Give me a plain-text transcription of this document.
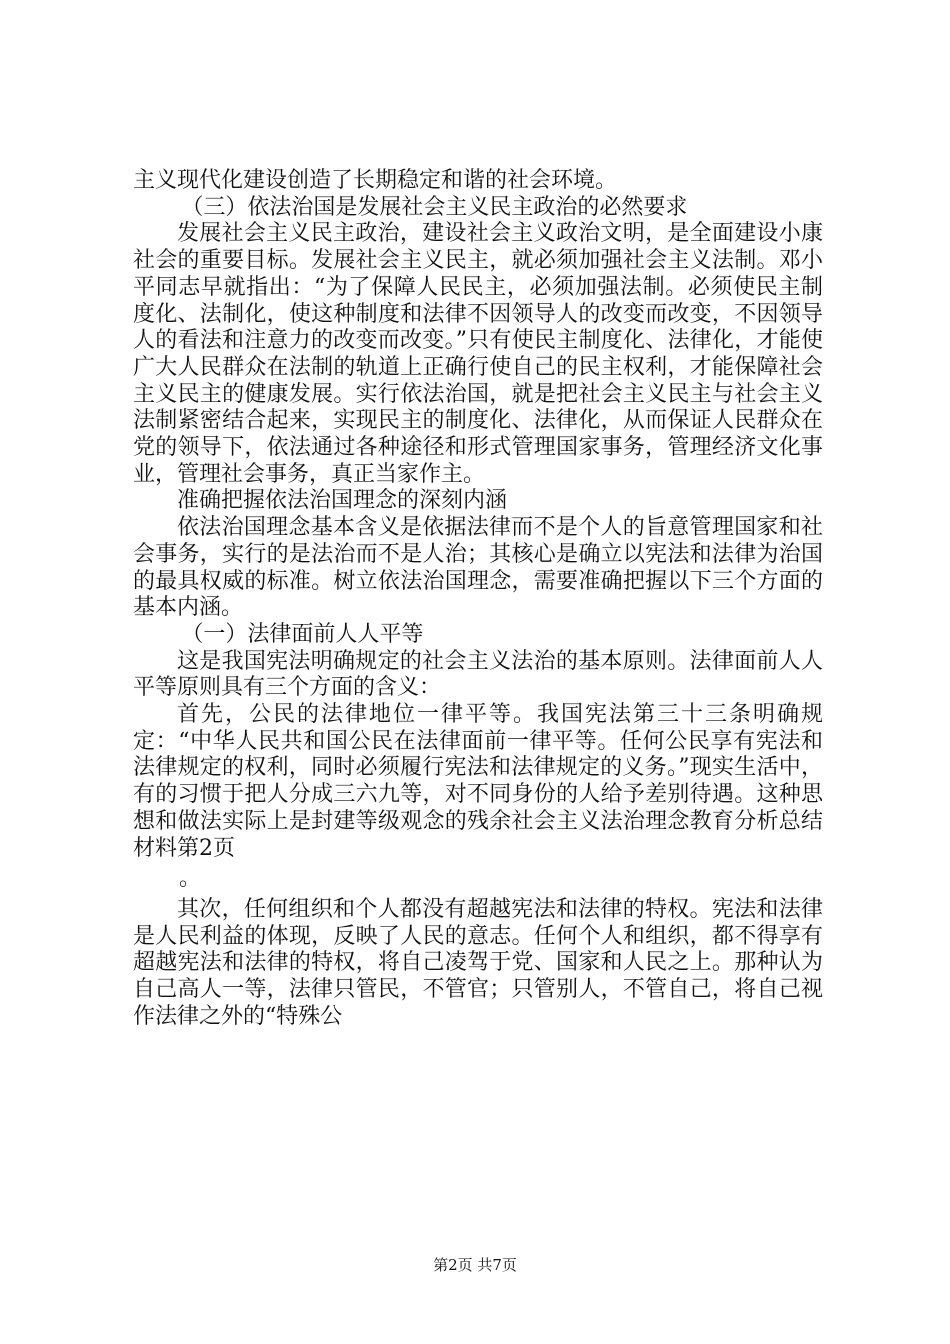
主义现代化建设创造了长期稳定和谐的社会环境。

（三）依法治国是发展社会主义民主政治的必然要求

发展社会主义民主政治，建设社会主义政治文明，是全面建设小康社会的重要目标。发展社会主义民主，就必须加强社会主义法制。邓小平同志早就指出：“为了保障人民民主，必须加强法制。必须使民主制度化、法制化，使这种制度和法律不因领导人的改变而改变，不因领导人的看法和注意力的改变而改变。”只有使民主制度化、法律化，才能使广大人民群众在法制的轨道上正确行使自己的民主权利，才能保障社会主义民主的健康发展。实行依法治国，就是把社会主义民主与社会主义法制紧密结合起来，实现民主的制度化、法律化，从而保证人民群众在党的领导下，依法通过各种途径和形式管理国家事务，管理经济文化事业，管理社会事务，真正当家作主。

准确把握依法治国理念的深刻内涵

依法治国理念基本含义是依据法律而不是个人的旨意管理国家和社会事务，实行的是法治而不是人治；其核心是确立以宪法和法律为治国的最具权威的标准。树立依法治国理念，需要准确把握以下三个方面的基本内涵。

（一）法律面前人人平等

这是我国宪法明确规定的社会主义法治的基本原则。法律面前人人平等原则具有三个方面的含义：

首先，公民的法律地位一律平等。我国宪法第三十三条明确规定：“中华人民共和国公民在法律面前一律平等。任何公民享有宪法和法律规定的权利，同时必须履行宪法和法律规定的义务。”现实生活中，有的习惯于把人分成三六九等，对不同身份的人给予差别待遇。这种思想和做法实际上是封建等级观念的残余社会主义法治理念教育分析总结材料第2页

。

其次，任何组织和个人都没有超越宪法和法律的特权。宪法和法律是人民利益的体现，反映了人民的意志。任何个人和组织，都不得享有超越宪法和法律的特权，将自己凌驾于党、国家和人民之上。那种认为自己高人一等，法律只管民，不管官；只管别人，不管自己，将自己视作法律之外的“特殊公

第2页 共7页
